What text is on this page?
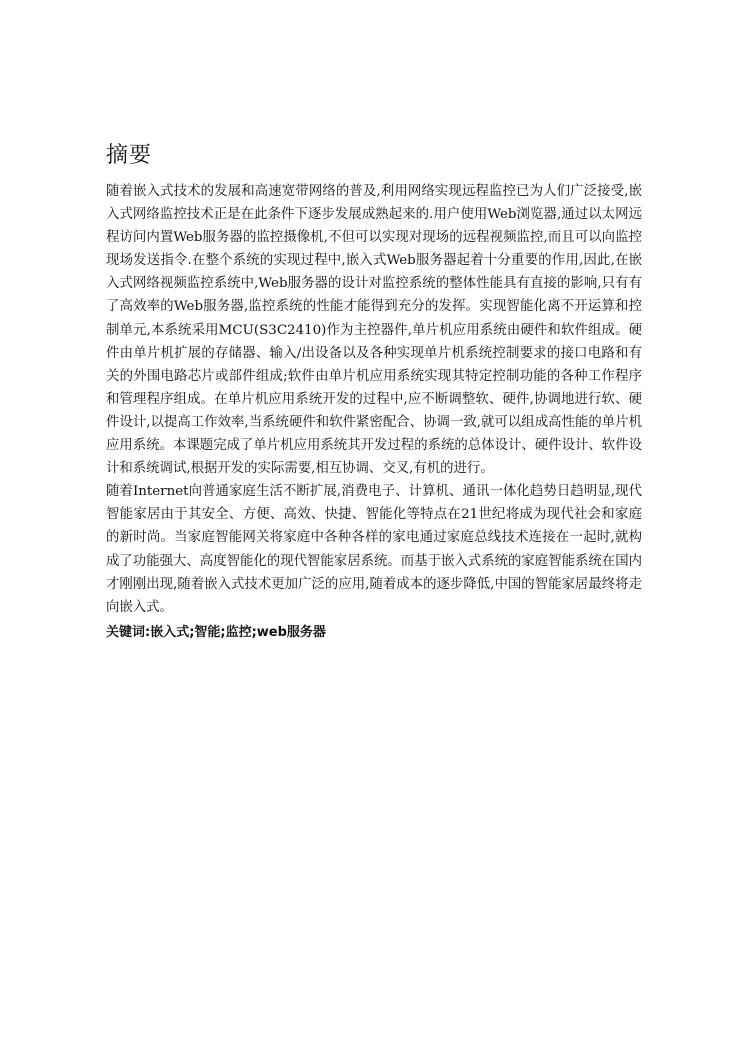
摘要

随着嵌入式技术的发展和高速宽带网络的普及,利用网络实现远程监控已为人们广泛接受,嵌入式网络监控技术正是在此条件下逐步发展成熟起来的.用户使用Web浏览器,通过以太网远程访问内置Web服务器的监控摄像机,不但可以实现对现场的远程视频监控,而且可以向监控现场发送指令.在整个系统的实现过程中,嵌入式Web服务器起着十分重要的作用,因此,在嵌入式网络视频监控系统中,Web服务器的设计对监控系统的整体性能具有直接的影响,只有有了高效率的Web服务器,监控系统的性能才能得到充分的发挥。实现智能化离不开运算和控制单元,本系统采用MCU(S3C2410)作为主控器件,单片机应用系统由硬件和软件组成。硬件由单片机扩展的存储器、输入/出设备以及各种实现单片机系统控制要求的接口电路和有关的外围电路芯片或部件组成;软件由单片机应用系统实现其特定控制功能的各种工作程序和管理程序组成。在单片机应用系统开发的过程中,应不断调整软、硬件,协调地进行软、硬件设计,以提高工作效率,当系统硬件和软件紧密配合、协调一致,就可以组成高性能的单片机应用系统。本课题完成了单片机应用系统其开发过程的系统的总体设计、硬件设计、软件设计和系统调试,根据开发的实际需要,相互协调、交叉,有机的进行。

随着Internet向普通家庭生活不断扩展,消费电子、计算机、通讯一体化趋势日趋明显,现代智能家居由于其安全、方便、高效、快捷、智能化等特点在21世纪将成为现代社会和家庭的新时尚。当家庭智能网关将家庭中各种各样的家电通过家庭总线技术连接在一起时,就构成了功能强大、高度智能化的现代智能家居系统。而基于嵌入式系统的家庭智能系统在国内才刚刚出现,随着嵌入式技术更加广泛的应用,随着成本的逐步降低,中国的智能家居最终将走向嵌入式。

关键词:嵌入式;智能;监控;web服务器
